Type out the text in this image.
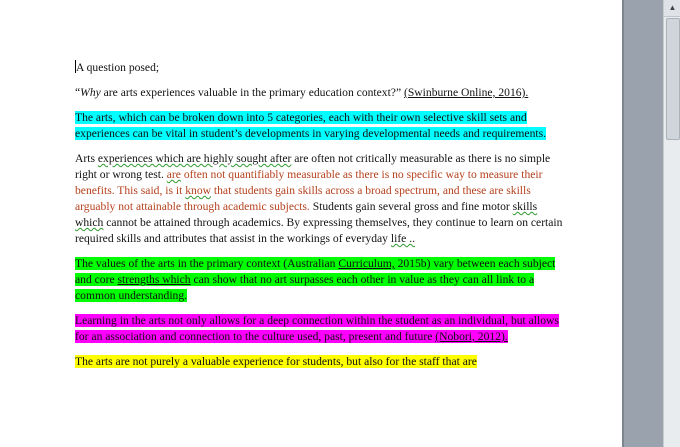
A question posed;

“Why are arts experiences valuable in the primary education context?” (Swinburne Online, 2016).

The arts, which can be broken down into 5 categories, each with their own selective skill sets and experiences can be vital in student’s developments in varying developmental needs and requirements.

Arts experiences which are highly sought after are often not critically measurable as there is no simple right or wrong test. are often not quantifiably measurable as there is no specific way to measure their benefits. This said, is it know that students gain skills across a broad spectrum, and these are skills arguably not attainable through academic subjects. Students gain several gross and fine motor skills which cannot be attained through academics. By expressing themselves, they continue to learn on certain required skills and attributes that assist in the workings of everyday life ..

The values of the arts in the primary context (Australian Curriculum, 2015b) vary between each subject and core strengths which can show that no art surpasses each other in value as they can all link to a common understanding.

Learning in the arts not only allows for a deep connection within the student as an individual, but allows for an association and connection to the culture used, past, present and future (Nobori, 2012).

The arts are not purely a valuable experience for students, but also for the staff that are

▲
